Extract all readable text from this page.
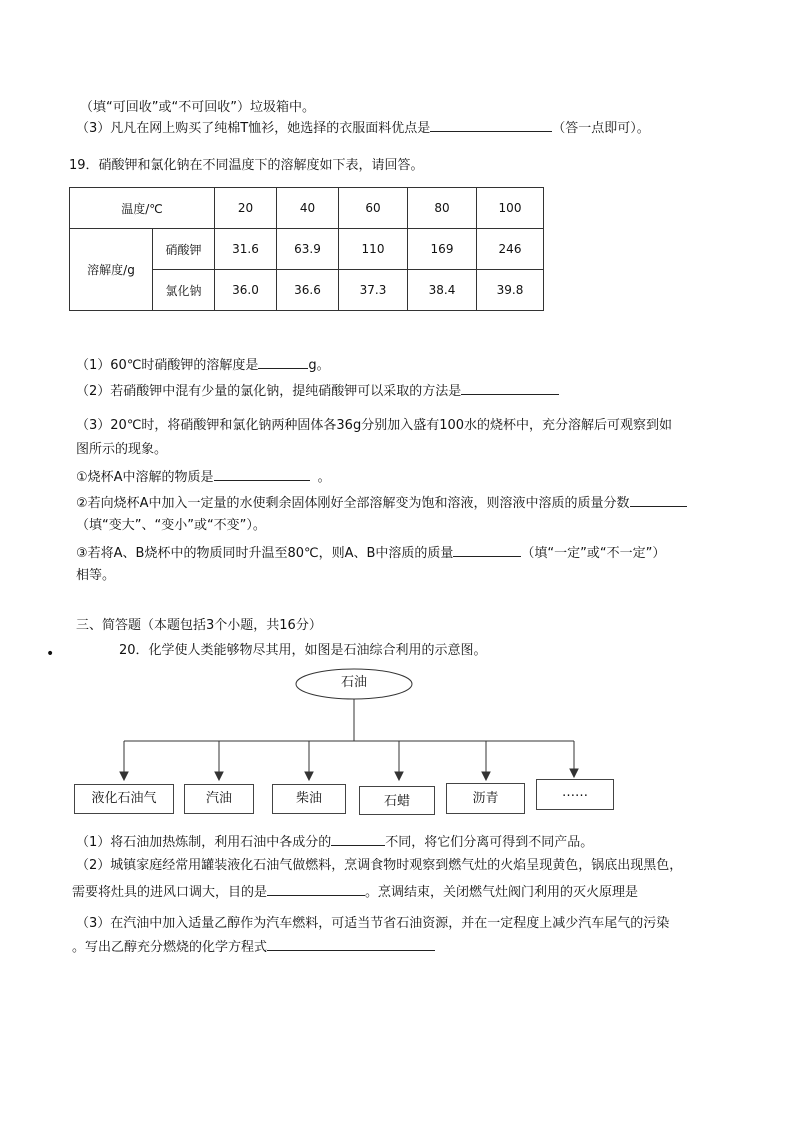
（填“可回收”或“不可回收”）垃圾箱中。
（3）凡凡在网上购买了纯棉T恤衫，她选择的衣服面料优点是	（答一点即可）。
19．硝酸钾和氯化钠在不同温度下的溶解度如下表，请回答。
温度/℃		20	40	60	80	100
溶解度/g	硝酸钾	31.6	63.9	110	169	246
	氯化钠	36.0	36.6	37.3	38.4	39.8
（1）60℃时硝酸钾的溶解度是	g。
（2）若硝酸钾中混有少量的氯化钠，提纯硝酸钾可以采取的方法是
（3）20℃时，将硝酸钾和氯化钠两种固体各36g分别加入盛有100水的烧杯中，充分溶解后可观察到如
图所示的现象。
①烧杯A中溶解的物质是	。
②若向烧杯A中加入一定量的水使剩余固体刚好全部溶解变为饱和溶液，则溶液中溶质的质量分数
（填“变大”、“变小”或“不变”）。
③若将A、B烧杯中的物质同时升温至80℃，则A、B中溶质的质量	（填“一定”或“不一定”）
相等。
三、简答题（本题包括3个小题，共16分）
•	20．化学使人类能够物尽其用，如图是石油综合利用的示意图。
石油
液化石油气	汽油	柴油	石蜡	沥青	……
（1）将石油加热炼制，利用石油中各成分的	不同，将它们分离可得到不同产品。
（2）城镇家庭经常用罐装液化石油气做燃料，烹调食物时观察到燃气灶的火焰呈现黄色，锅底出现黑色，
需要将灶具的进风口调大，目的是	。烹调结束，关闭燃气灶阀门利用的灭火原理是
（3）在汽油中加入适量乙醇作为汽车燃料，可适当节省石油资源，并在一定程度上减少汽车尾气的污染
。写出乙醇充分燃烧的化学方程式
